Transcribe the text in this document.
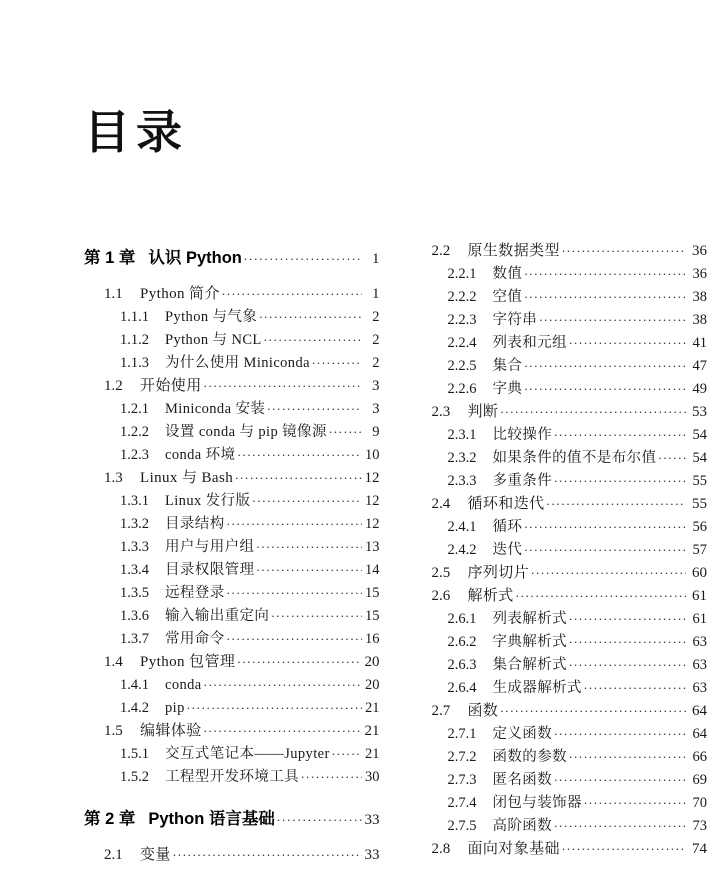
目录
第 1 章 认识 Python .....	1
1.1	Python 简介 .....	1
1.1.1	Python 与气象 .....	2
1.1.2	Python 与 NCL .....	2
1.1.3	为什么使用 Miniconda .....	2
1.2	开始使用 .....	3
1.2.1	Miniconda 安装 .....	3
1.2.2	设置 conda 与 pip 镜像源 .....	9
1.2.3	conda 环境 .....	10
1.3	Linux 与 Bash .....	12
1.3.1	Linux 发行版 .....	12
1.3.2	目录结构 .....	12
1.3.3	用户与用户组 .....	13
1.3.4	目录权限管理 .....	14
1.3.5	远程登录 .....	15
1.3.6	输入输出重定向 .....	15
1.3.7	常用命令 .....	16
1.4	Python 包管理 .....	20
1.4.1	conda .....	20
1.4.2	pip .....	21
1.5	编辑体验 .....	21
1.5.1	交互式笔记本——Jupyter ..... 21
1.5.2	工程型开发环境工具 .....	30
第 2 章 Python 语言基础 .....	33
2.1	变量 .....	33
2.2	原生数据类型 .....	36
2.2.1	数值 .....	36
2.2.2	空值 .....	38
2.2.3	字符串 .....	38
2.2.4	列表和元组 .....	41
2.2.5	集合 .....	47
2.2.6	字典 .....	49
2.3	判断 .....	53
2.3.1	比较操作 .....	54
2.3.2	如果条件的值不是布尔值 .....	54
2.3.3	多重条件 .....	55
2.4	循环和迭代 .....	55
2.4.1	循环 .....	56
2.4.2	迭代 .....	57
2.5	序列切片 .....	60
2.6	解析式 .....	61
2.6.1	列表解析式 .....	61
2.6.2	字典解析式 .....	63
2.6.3	集合解析式 .....	63
2.6.4	生成器解析式 .....	63
2.7	函数 .....	64
2.7.1	定义函数 .....	64
2.7.2	函数的参数 .....	66
2.7.3	匿名函数 .....	69
2.7.4	闭包与装饰器 .....	70
2.7.5	高阶函数 .....	73
2.8	面向对象基础 .....	74
